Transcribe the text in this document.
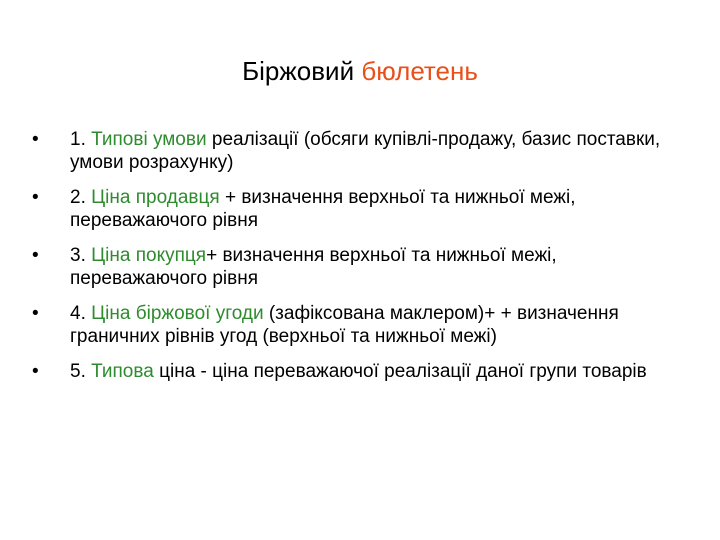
Біржовий бюлетень
•	1. Типові умови реалізації (обсяги купівлі-продажу, базис поставки, умови розрахунку)
•	2. Ціна продавця + визначення верхньої та нижньої межі, переважаючого рівня
•	3. Ціна покупця+ визначення верхньої та нижньої межі, переважаючого рівня
•	4. Ціна біржової угоди (зафіксована маклером)+ + визначення граничних рівнів угод (верхньої та нижньої межі)
•	5. Типова ціна - ціна переважаючої реалізації даної групи товарів
